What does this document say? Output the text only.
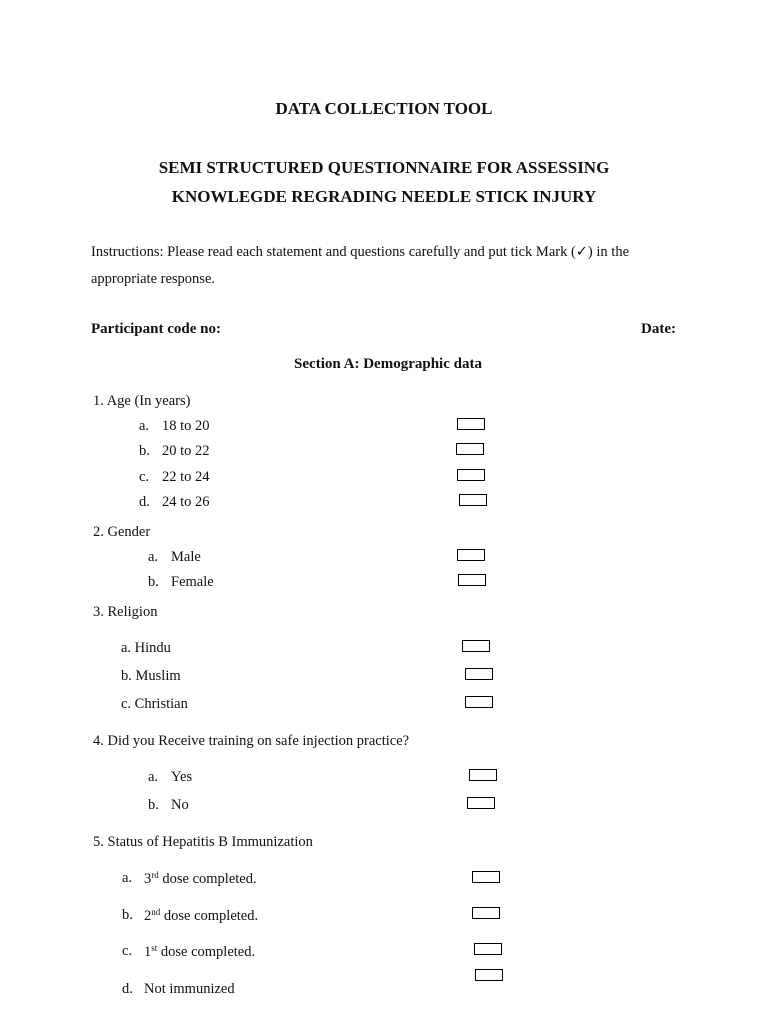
DATA COLLECTION TOOL
SEMI STRUCTURED QUESTIONNAIRE FOR ASSESSING
KNOWLEGDE REGRADING NEEDLE STICK INJURY
Instructions: Please read each statement and questions carefully and put tick Mark (✓) in the
appropriate response.
Participant code no:	Date:
Section A: Demographic data
1. Age (In years)
a. 18 to 20
b. 20 to 22
c. 22 to 24
d. 24 to 26
2. Gender
a. Male
b. Female
3. Religion
a. Hindu
b. Muslim
c. Christian
4. Did you Receive training on safe injection practice?
a. Yes
b. No
5. Status of Hepatitis B Immunization
a. 3rd dose completed.
b. 2nd dose completed.
c. 1st dose completed.
d. Not immunized
